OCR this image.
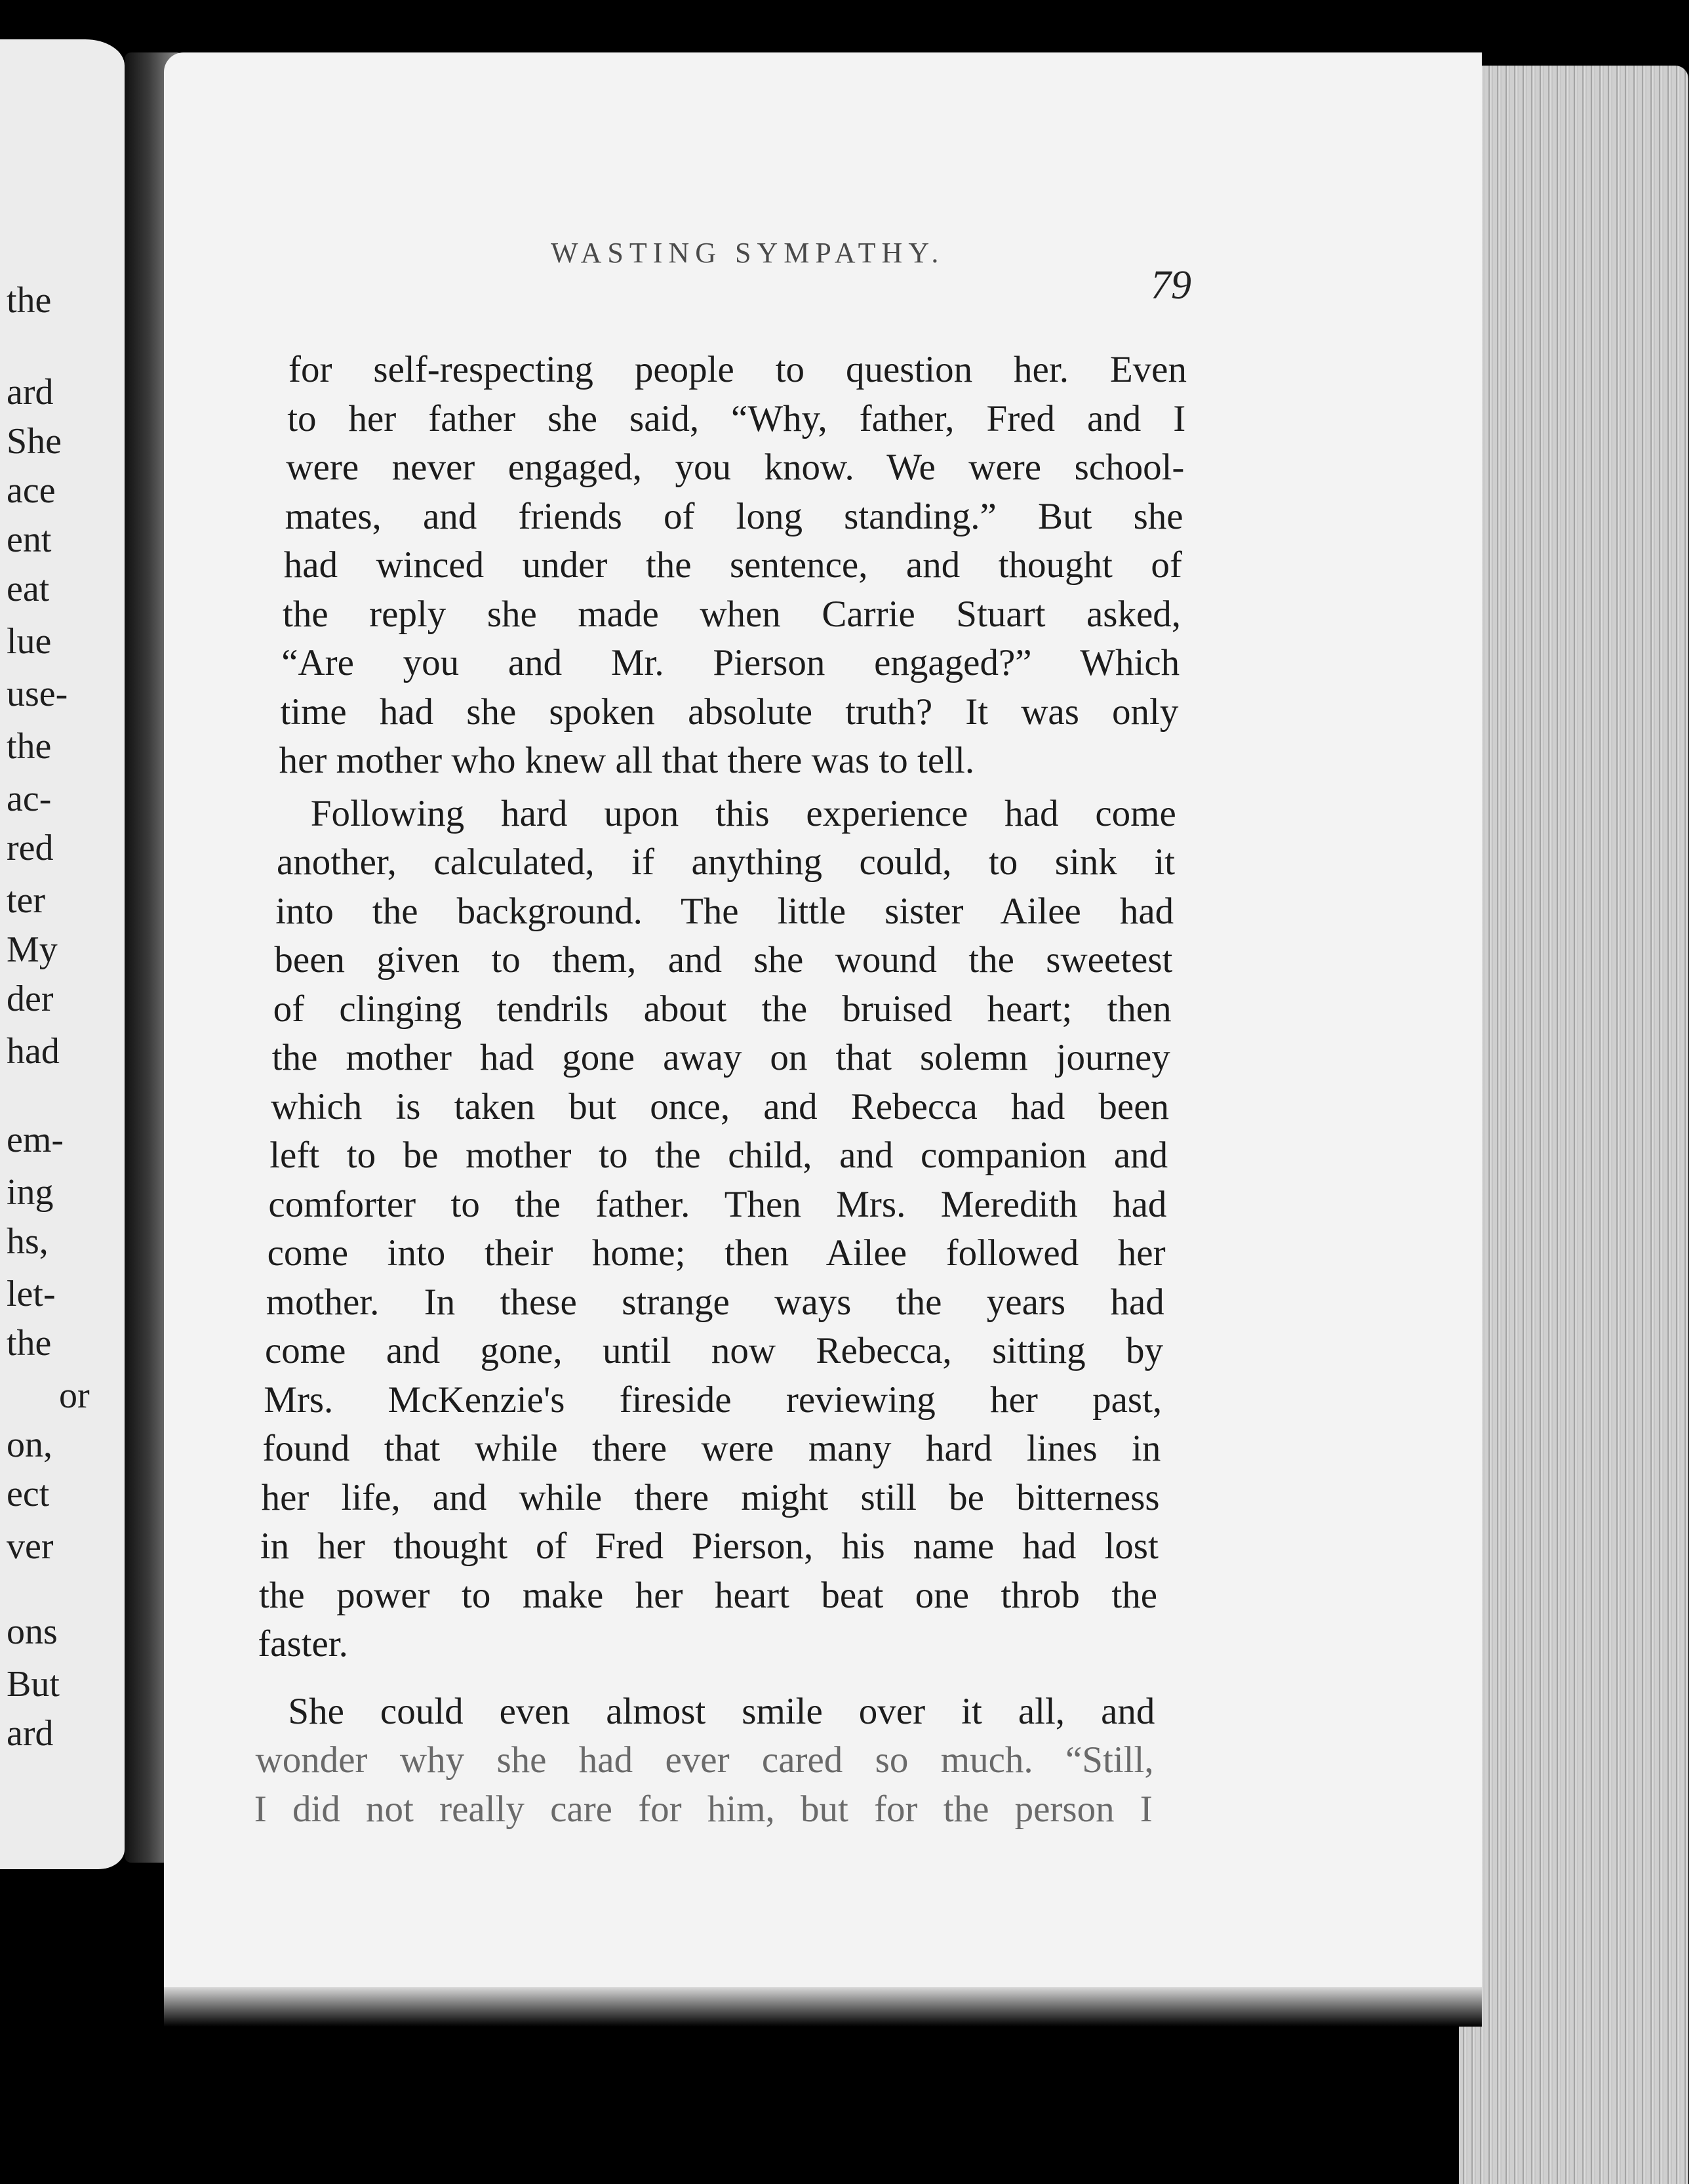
the
ard
She
ace
ent
eat
lue
use-
the
ac-
red
ter
My
der
had
em-
ing
hs,
let-
the
or
on,
ect
ver
ons
But
ard
WASTING SYMPATHY.
79
for self-respecting people to question her. Even
to her father she said, “Why, father, Fred and I
were never engaged, you know. We were school-
mates, and friends of long standing.” But she
had winced under the sentence, and thought of
the reply she made when Carrie Stuart asked,
“Are you and Mr. Pierson engaged?” Which
time had she spoken absolute truth? It was only
her mother who knew all that there was to tell.
Following hard upon this experience had come
another, calculated, if anything could, to sink it
into the background. The little sister Ailee had
been given to them, and she wound the sweetest
of clinging tendrils about the bruised heart; then
the mother had gone away on that solemn journey
which is taken but once, and Rebecca had been
left to be mother to the child, and companion and
comforter to the father. Then Mrs. Meredith had
come into their home; then Ailee followed her
mother. In these strange ways the years had
come and gone, until now Rebecca, sitting by
Mrs. McKenzie's fireside reviewing her past,
found that while there were many hard lines in
her life, and while there might still be bitterness
in her thought of Fred Pierson, his name had lost
the power to make her heart beat one throb the
faster.
She could even almost smile over it all, and
wonder why she had ever cared so much. “Still,
I did not really care for him, but for the person I
